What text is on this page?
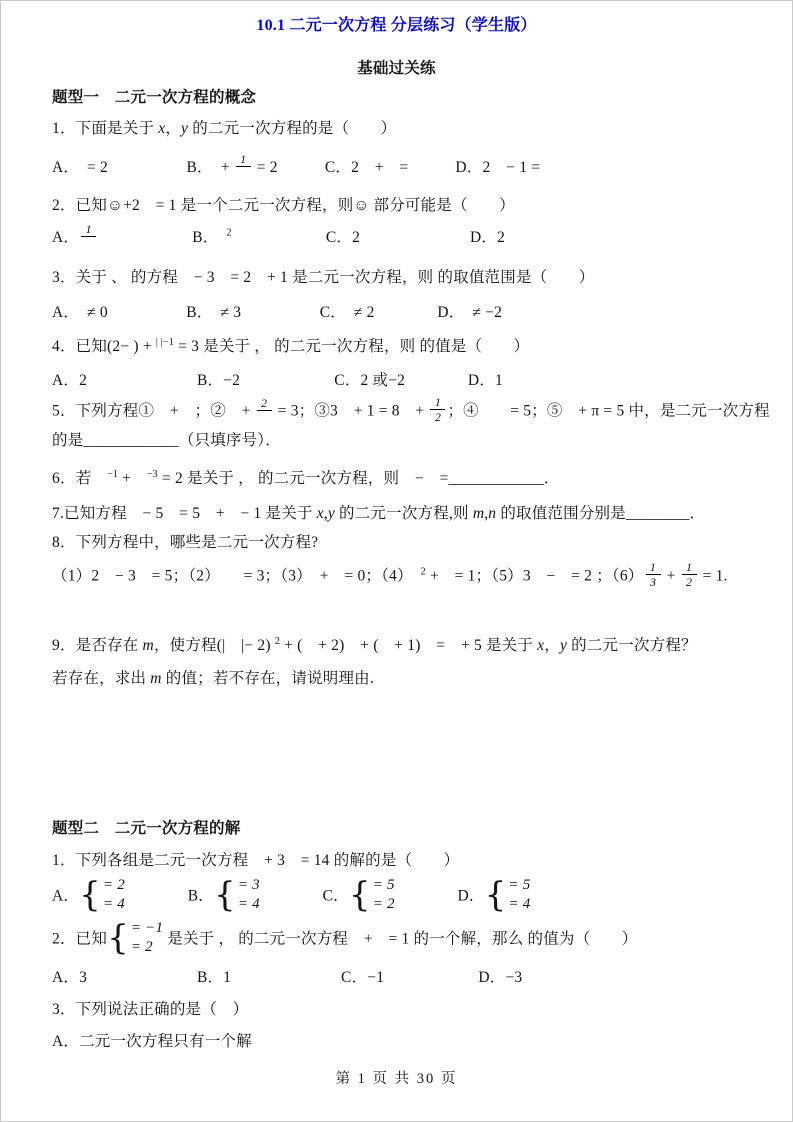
10.1 二元一次方程 分层练习（学生版）

基础过关练

题型一　二元一次方程的概念

1．下面是关于 x，y 的二元一次方程的是（　　）

A．　= 2　　　　　B．　+ 1 = 2　　　C．2　+　=　　　D．2　− 1 =

2．已知☺+2　= 1 是一个二元一次方程，则☺ 部分可能是（　　）

A． 1 　　　　　　B．　$^2$　　　　　　C．2　　　　　　　D．2

3．关于 、 的方程　− 3　= 2　+ 1 是二元一次方程，则 的取值范围是（　　）

A．　≠ 0　　　　　B．　≠ 3　　　　　C．　≠ 2　　　　D．　≠ −2

4．已知(2− ) + $^{| |-1}$ = 3 是关于 ， 的二元一次方程，则 的值是（　　）

A．2　　　　　　　B．−2　　　　　　C．2 或−2　　　　D．1

5．下列方程①　+　；②　+ 2 = 3；③3　+ 1 = 8　+ $\frac{1}{2}$ ；④　　= 5；⑤　+ π = 5 中，是二元一次方程

的是____________（只填序号）．

6．若　$^{-1}$ +　$^{-3}$ = 2 是关于 ， 的二元一次方程，则　−　=____________．

7.已知方程　− 5　= 5　+　− 1 是关于 x,y 的二元一次方程,则 m,n 的取值范围分别是________．

8．下列方程中，哪些是二元一次方程?

（1）2　− 3　= 5；（2）　　= 3；（3）　+　= 0；（4）　$^2$ +　= 1；（5）3　−　= 2 ；$(6) \frac{1}{3} + \frac{1}{2} = 1$.

9．是否存在 m，使方程(|　|− 2) $^2$ + (　+ 2)　+ (　+ 1)　=　+ 5 是关于 x，y 的二元一次方程？

若存在，求出 m 的值；若不存在，请说明理由.

题型二　二元一次方程的解

1．下列各组是二元一次方程　+ 3　= 14 的解的是（　　）

A． { = 2
= 4 　　　　B． { = 3
= 4 　　　　C． { = 5
= 2 　　　　D． { = 5
= 4

2．已知 { = −1
= 2 是关于 ， 的二元一次方程　+　= 1 的一个解，那么 的值为（　　）

A．3　　　　　　　B．1　　　　　　　C．−1　　　　　　D．−3

3．下列说法正确的是（　）

A．二元一次方程只有一个解

第 1 页 共 30 页
